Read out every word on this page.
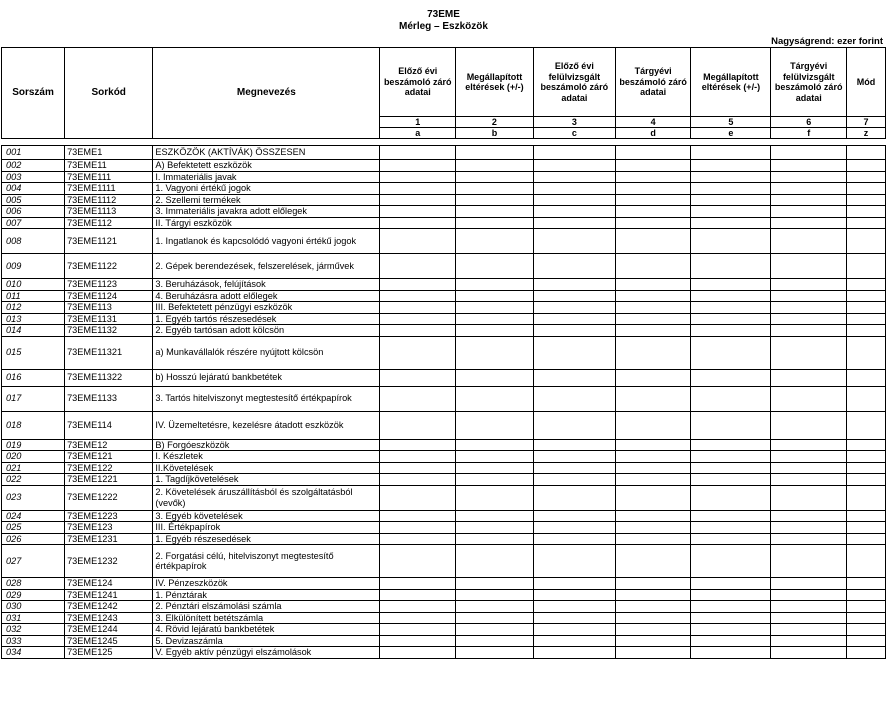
73EME
Mérleg – Eszközök
Nagyságrend: ezer forint
Sorszám	Sorkód	Megnevezés	Előző évi beszámoló záró adatai	Megállapított eltérések (+/-)	Előző évi felülvizsgált beszámoló záró adatai	Tárgyévi beszámoló záró adatai	Megállapított eltérések (+/-)	Tárgyévi felülvizsgált beszámoló záró adatai	Mód
			1	2	3	4	5	6	7
			a	b	c	d	e	f	z

001	73EME1	ESZKÖZÖK (AKTÍVÁK) ÖSSZESEN							
002	73EME11	A) Befektetett eszközök							
003	73EME111	I. Immateriális javak							
004	73EME1111	1. Vagyoni értékű jogok							
005	73EME1112	2. Szellemi termékek							
006	73EME1113	3. Immateriális javakra adott előlegek							
007	73EME112	II. Tárgyi eszközök							
008	73EME1121	1. Ingatlanok és kapcsolódó vagyoni értékű jogok							
009	73EME1122	2. Gépek berendezések, felszerelések, járművek							
010	73EME1123	3. Beruházások, felújítások							
011	73EME1124	4. Beruházásra adott előlegek							
012	73EME113	III. Befektetett pénzügyi eszközök							
013	73EME1131	1. Egyéb tartós részesedések							
014	73EME1132	2. Egyéb tartósan adott kölcsön							
015	73EME11321	a) Munkavállalók részére nyújtott kölcsön							
016	73EME11322	b) Hosszú lejáratú bankbetétek							
017	73EME1133	3. Tartós hitelviszonyt megtestesítő értékpapírok							
018	73EME114	IV. Üzemeltetésre, kezelésre átadott eszközök							
019	73EME12	B) Forgóeszközök							
020	73EME121	I. Készletek							
021	73EME122	II.Követelések							
022	73EME1221	1. Tagdíjkövetelések							
023	73EME1222	2. Követelések áruszállításból és szolgáltatásból (vevők)							
024	73EME1223	3. Egyéb követelések							
025	73EME123	III. Értékpapírok							
026	73EME1231	1. Egyéb részesedések							
027	73EME1232	2. Forgatási célú, hitelviszonyt megtestesítő értékpapírok							
028	73EME124	IV. Pénzeszközök							
029	73EME1241	1. Pénztárak							
030	73EME1242	2. Pénztári elszámolási számla							
031	73EME1243	3. Elkülönített betétszámla							
032	73EME1244	4. Rövid lejáratú bankbetétek							
033	73EME1245	5. Devizaszámla							
034	73EME125	V. Egyéb aktív pénzügyi elszámolások							
